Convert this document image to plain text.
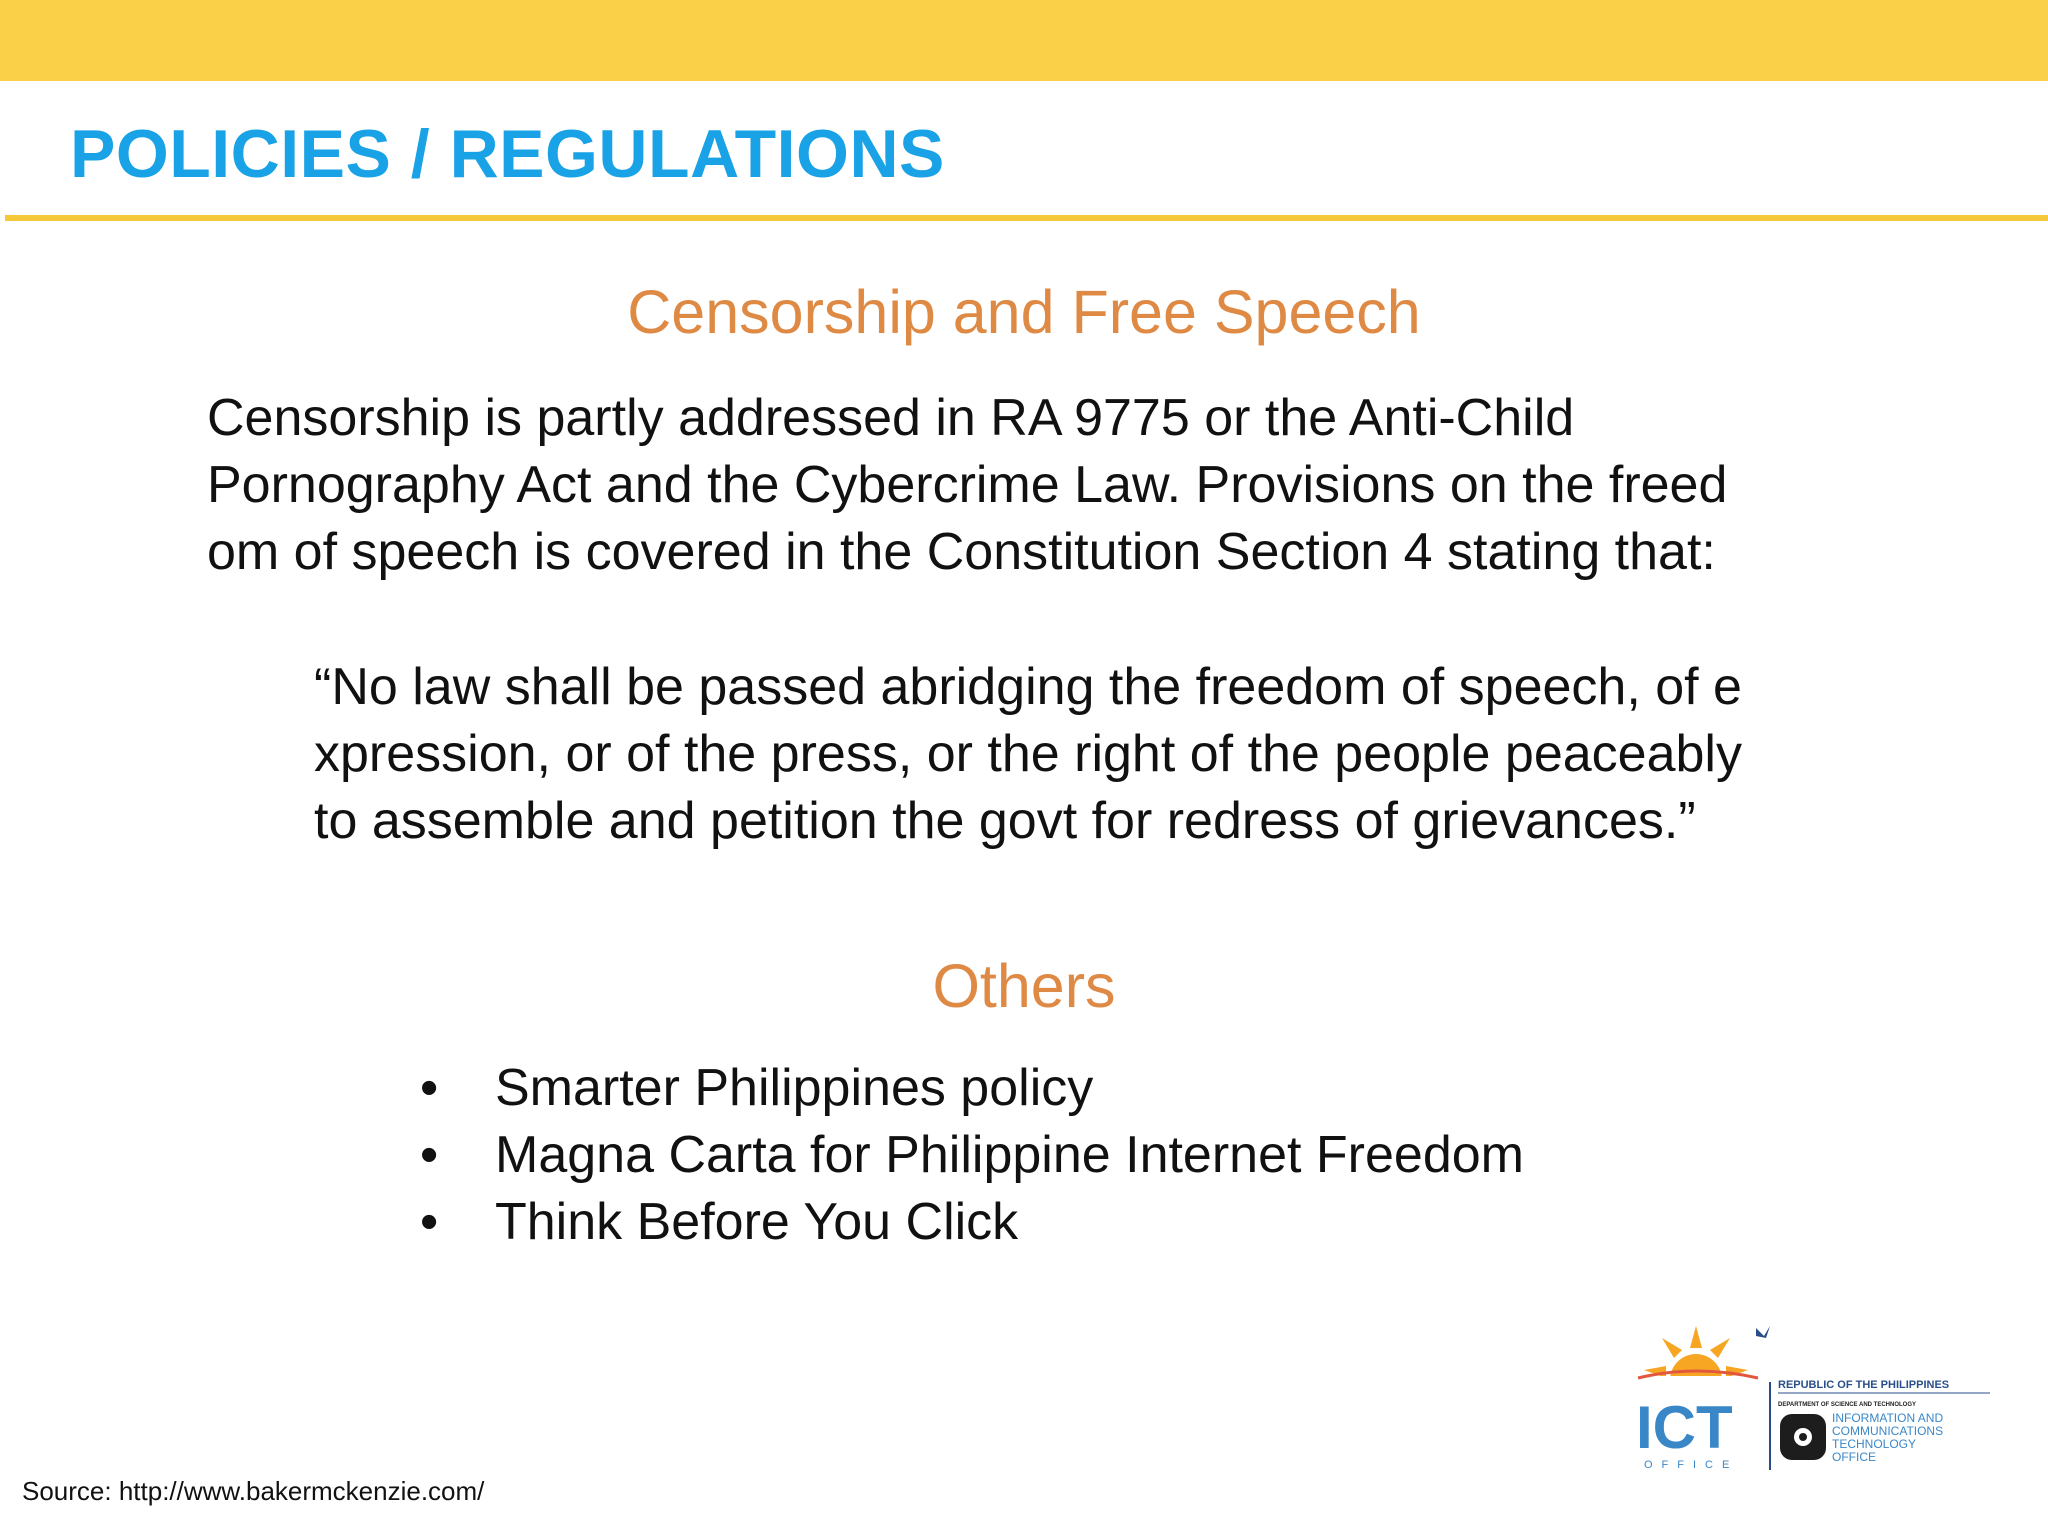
POLICIES / REGULATIONS
Censorship and Free Speech

Censorship is partly addressed in RA 9775 or the Anti-Child
Pornography Act and the Cybercrime Law. Provisions on the freed
om of speech is covered in the Constitution Section 4 stating that:

“No law shall be passed abridging the freedom of speech, of e
xpression, or of the press, or the right of the people peaceably
to assemble and petition the govt for redress of grievances.”

Others
•	Smarter Philippines policy
•	Magna Carta for Philippine Internet Freedom
•	Think Before You Click
Source: http://www.bakermckenzie.com/
ICT
OFFICE
REPUBLIC OF THE PHILIPPINES
DEPARTMENT OF SCIENCE AND TECHNOLOGY
INFORMATION AND
COMMUNICATIONS
TECHNOLOGY
OFFICE
